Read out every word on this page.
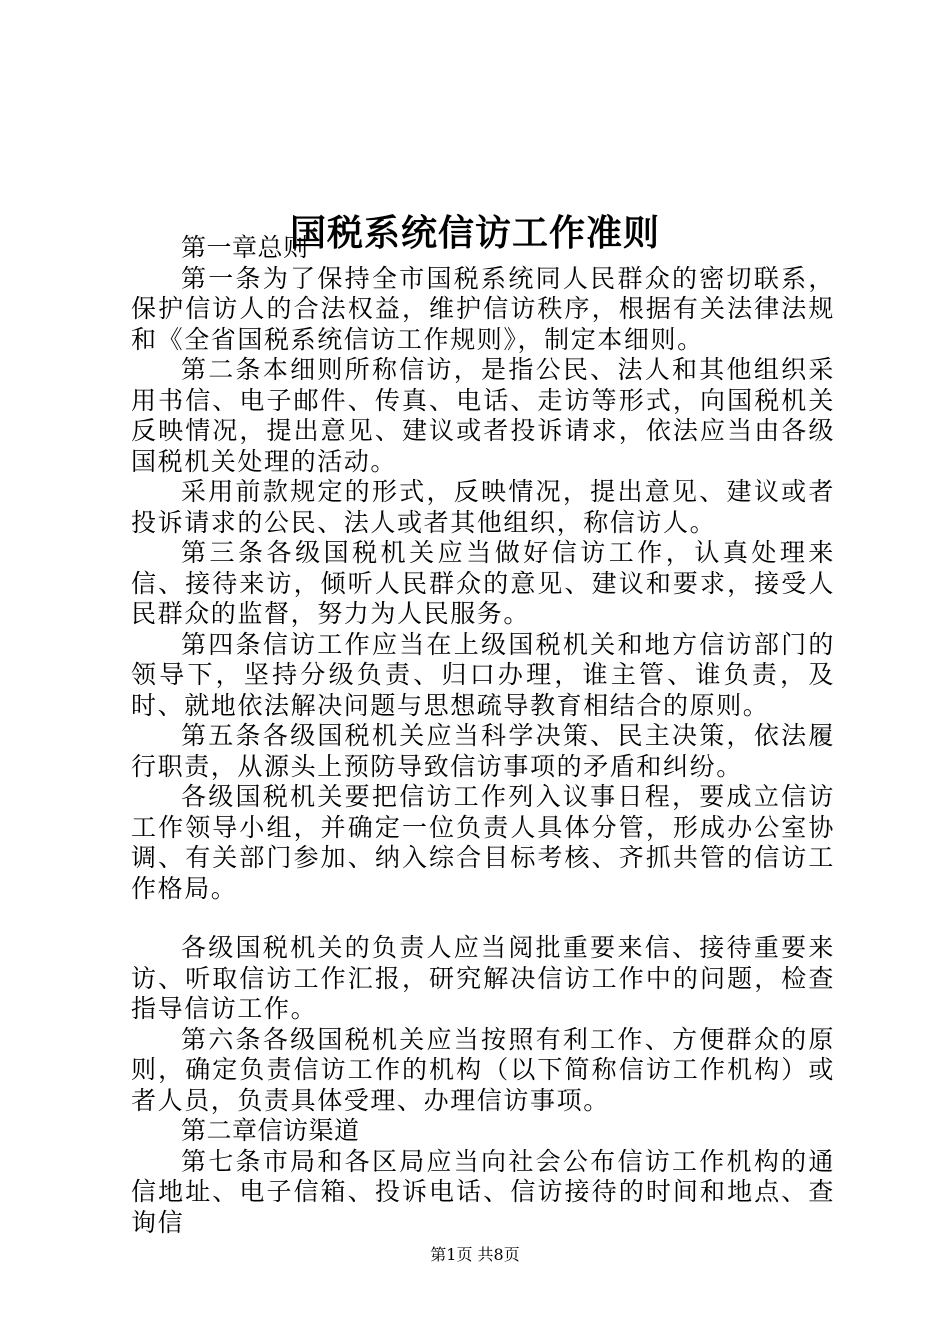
国税系统信访工作准则

第一章总则

第一条为了保持全市国税系统同人民群众的密切联系，保护信访人的合法权益，维护信访秩序，根据有关法律法规和《全省国税系统信访工作规则》，制定本细则。

第二条本细则所称信访，是指公民、法人和其他组织采用书信、电子邮件、传真、电话、走访等形式，向国税机关反映情况，提出意见、建议或者投诉请求，依法应当由各级国税机关处理的活动。

采用前款规定的形式，反映情况，提出意见、建议或者投诉请求的公民、法人或者其他组织，称信访人。

第三条各级国税机关应当做好信访工作，认真处理来信、接待来访，倾听人民群众的意见、建议和要求，接受人民群众的监督，努力为人民服务。

第四条信访工作应当在上级国税机关和地方信访部门的领导下，坚持分级负责、归口办理，谁主管、谁负责，及时、就地依法解决问题与思想疏导教育相结合的原则。

第五条各级国税机关应当科学决策、民主决策，依法履行职责，从源头上预防导致信访事项的矛盾和纠纷。

各级国税机关要把信访工作列入议事日程，要成立信访工作领导小组，并确定一位负责人具体分管，形成办公室协调、有关部门参加、纳入综合目标考核、齐抓共管的信访工作格局。

各级国税机关的负责人应当阅批重要来信、接待重要来访、听取信访工作汇报，研究解决信访工作中的问题，检查指导信访工作。

第六条各级国税机关应当按照有利工作、方便群众的原则，确定负责信访工作的机构（以下简称信访工作机构）或者人员，负责具体受理、办理信访事项。

第二章信访渠道

第七条市局和各区局应当向社会公布信访工作机构的通信地址、电子信箱、投诉电话、信访接待的时间和地点、查询信

第1页 共8页
